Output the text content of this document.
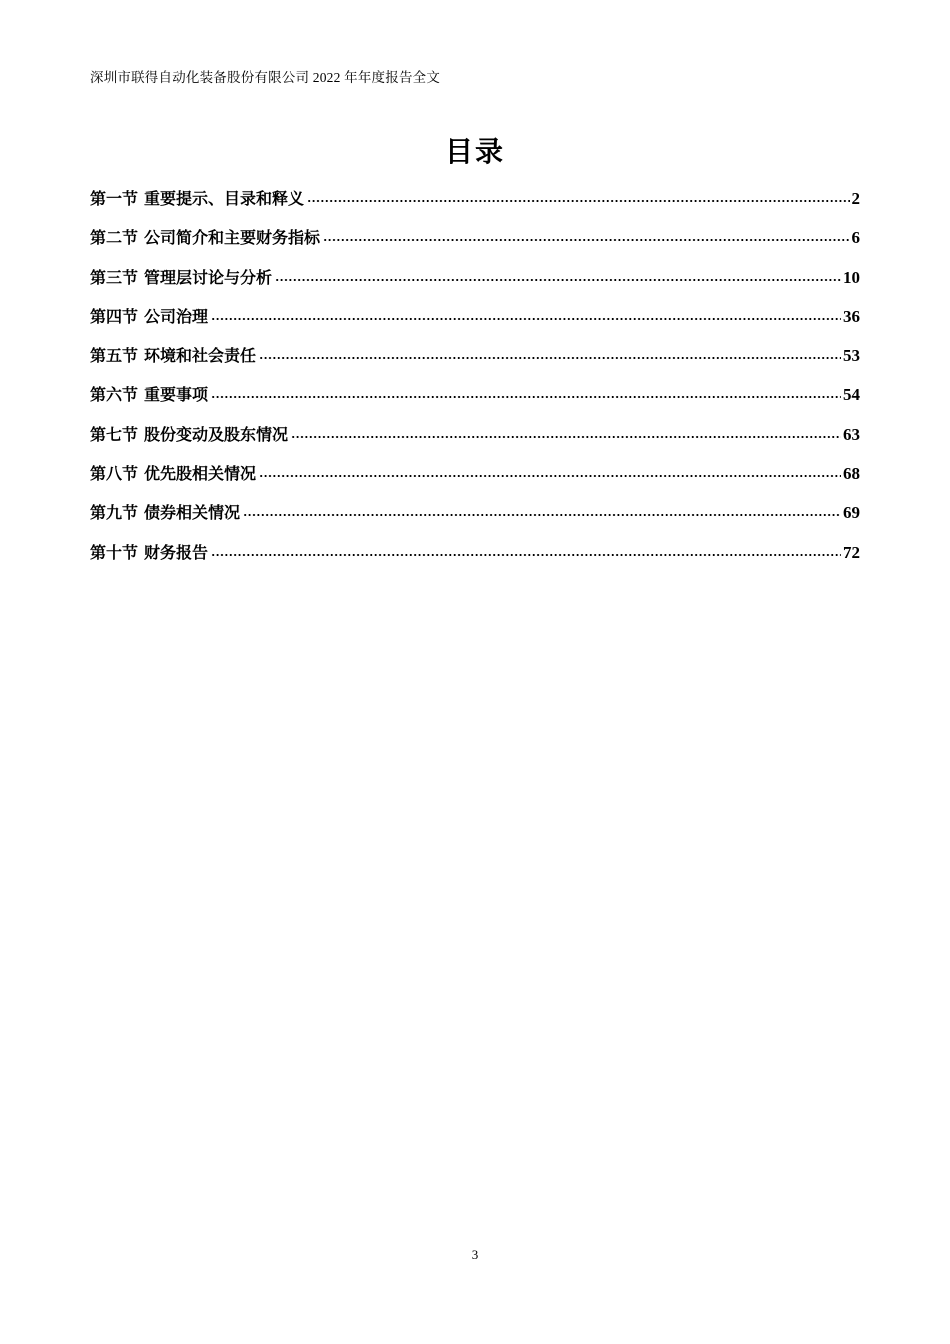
深圳市联得自动化装备股份有限公司 2022 年年度报告全文
目录
第一节 重要提示、目录和释义	2
第二节 公司简介和主要财务指标	6
第三节 管理层讨论与分析	10
第四节 公司治理	36
第五节 环境和社会责任	53
第六节 重要事项	54
第七节 股份变动及股东情况	63
第八节 优先股相关情况	68
第九节 债券相关情况	69
第十节 财务报告	72
3
